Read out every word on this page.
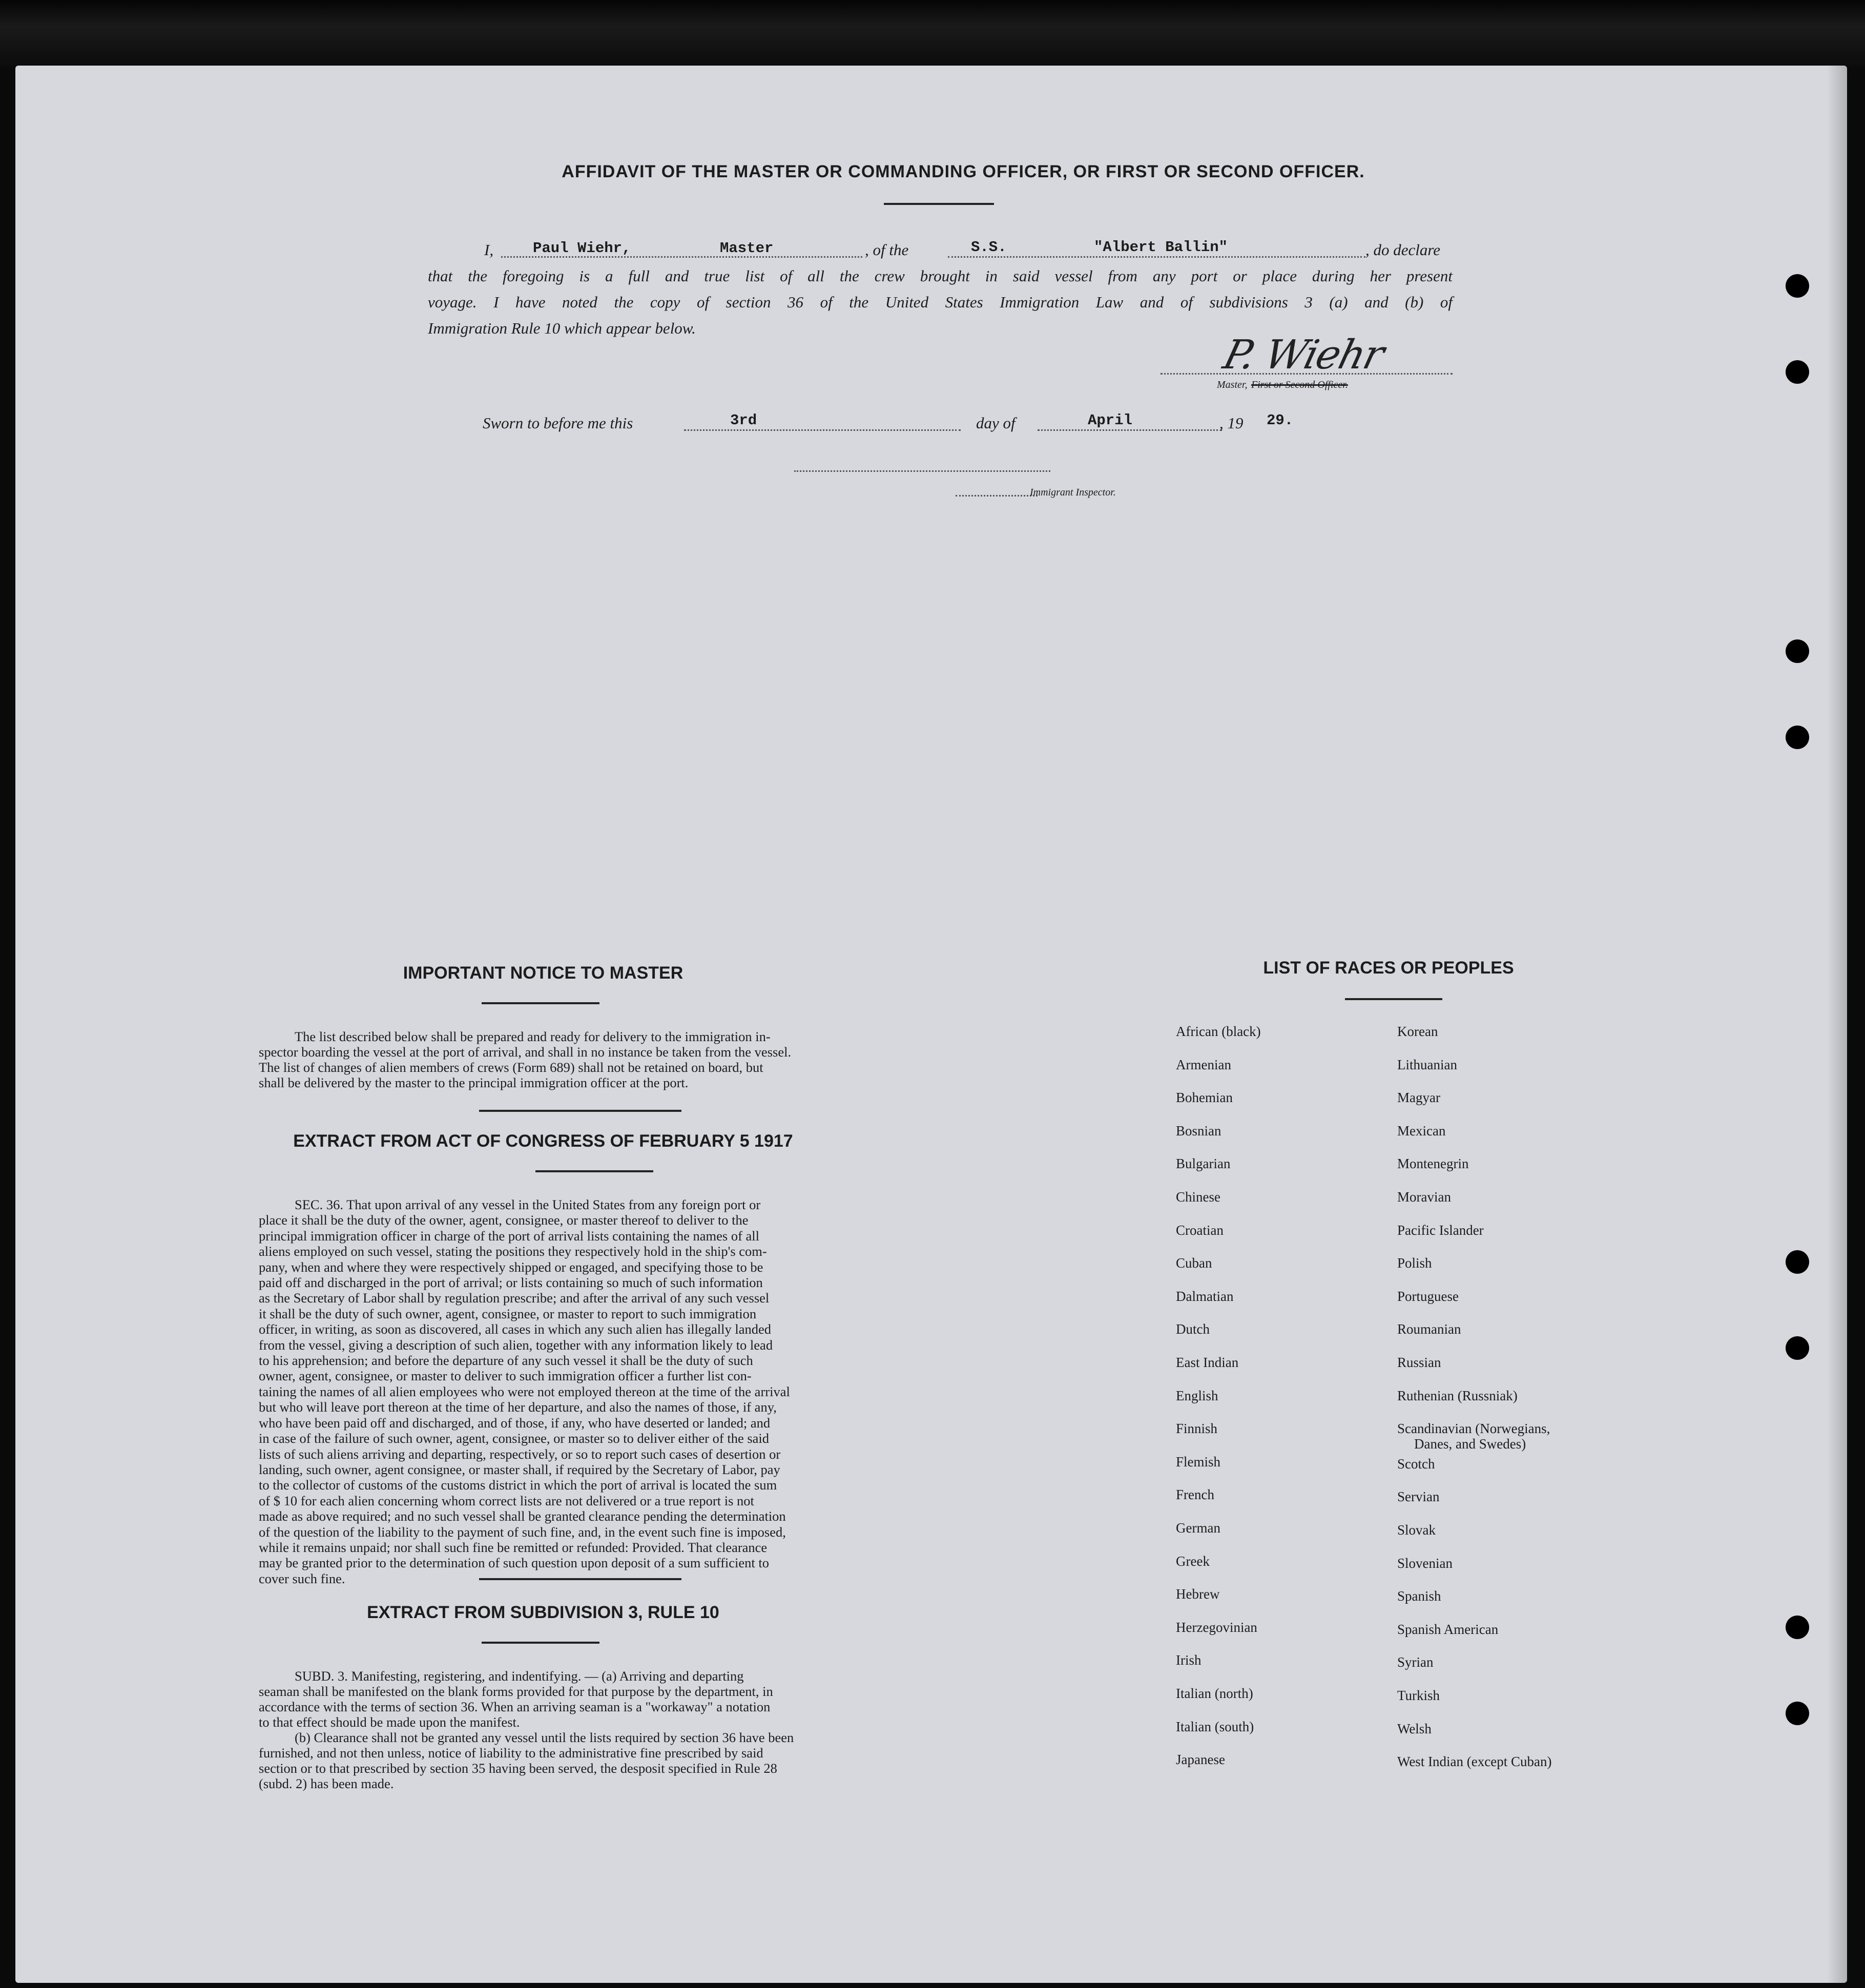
AFFIDAVIT OF THE MASTER OR COMMANDING OFFICER, OR FIRST OR SECOND OFFICER.
I,	Paul Wiehr,	Master	, of the	S.S.	"Albert Ballin"	, do declare
that the foregoing is a full and true list of all the crew brought in said vessel from any port or place during her present
voyage. I have noted the copy of section 36 of the United States Immigration Law and of subdivisions 3 (a) and (b) of
Immigration Rule 10 which appear below.
P. Wiehr
Master, First or Second Officer.
Sworn to before me this	3rd	day of	April	, 19 29.
Immigrant Inspector.
IMPORTANT NOTICE TO MASTER
The list described below shall be prepared and ready for delivery to the immigration in-
spector boarding the vessel at the port of arrival, and shall in no instance be taken from the vessel.
The list of changes of alien members of crews (Form 689) shall not be retained on board, but
shall be delivered by the master to the principal immigration officer at the port.
EXTRACT FROM ACT OF CONGRESS OF FEBRUARY 5 1917
SEC. 36. That upon arrival of any vessel in the United States from any foreign port or
place it shall be the duty of the owner, agent, consignee, or master thereof to deliver to the
principal immigration officer in charge of the port of arrival lists containing the names of all
aliens employed on such vessel, stating the positions they respectively hold in the ship's com-
pany, when and where they were respectively shipped or engaged, and specifying those to be
paid off and discharged in the port of arrival; or lists containing so much of such information
as the Secretary of Labor shall by regulation prescribe; and after the arrival of any such vessel
it shall be the duty of such owner, agent, consignee, or master to report to such immigration
officer, in writing, as soon as discovered, all cases in which any such alien has illegally landed
from the vessel, giving a description of such alien, together with any information likely to lead
to his apprehension; and before the departure of any such vessel it shall be the duty of such
owner, agent, consignee, or master to deliver to such immigration officer a further list con-
taining the names of all alien employees who were not employed thereon at the time of the arrival
but who will leave port thereon at the time of her departure, and also the names of those, if any,
who have been paid off and discharged, and of those, if any, who have deserted or landed; and
in case of the failure of such owner, agent, consignee, or master so to deliver either of the said
lists of such aliens arriving and departing, respectively, or so to report such cases of desertion or
landing, such owner, agent consignee, or master shall, if required by the Secretary of Labor, pay
to the collector of customs of the customs district in which the port of arrival is located the sum
of $ 10 for each alien concerning whom correct lists are not delivered or a true report is not
made as above required; and no such vessel shall be granted clearance pending the determination
of the question of the liability to the payment of such fine, and, in the event such fine is imposed,
while it remains unpaid; nor shall such fine be remitted or refunded: Provided. That clearance
may be granted prior to the determination of such question upon deposit of a sum sufficient to
cover such fine.
EXTRACT FROM SUBDIVISION 3, RULE 10
SUBD. 3. Manifesting, registering, and indentifying. — (a) Arriving and departing
seaman shall be manifested on the blank forms provided for that purpose by the department, in
accordance with the terms of section 36. When an arriving seaman is a "workaway" a notation
to that effect should be made upon the manifest.
(b) Clearance shall not be granted any vessel until the lists required by section 36 have been
furnished, and not then unless, notice of liability to the administrative fine prescribed by said
section or to that prescribed by section 35 having been served, the desposit specified in Rule 28
(subd. 2) has been made.
LIST OF RACES OR PEOPLES
African (black)
Armenian
Bohemian
Bosnian
Bulgarian
Chinese
Croatian
Cuban
Dalmatian
Dutch
East Indian
English
Finnish
Flemish
French
German
Greek
Hebrew
Herzegovinian
Irish
Italian (north)
Italian (south)
Japanese
Korean
Lithuanian
Magyar
Mexican
Montenegrin
Moravian
Pacific Islander
Polish
Portuguese
Roumanian
Russian
Ruthenian (Russniak)
Scandinavian (Norwegians,
Danes, and Swedes)
Scotch
Servian
Slovak
Slovenian
Spanish
Spanish American
Syrian
Turkish
Welsh
West Indian (except Cuban)
